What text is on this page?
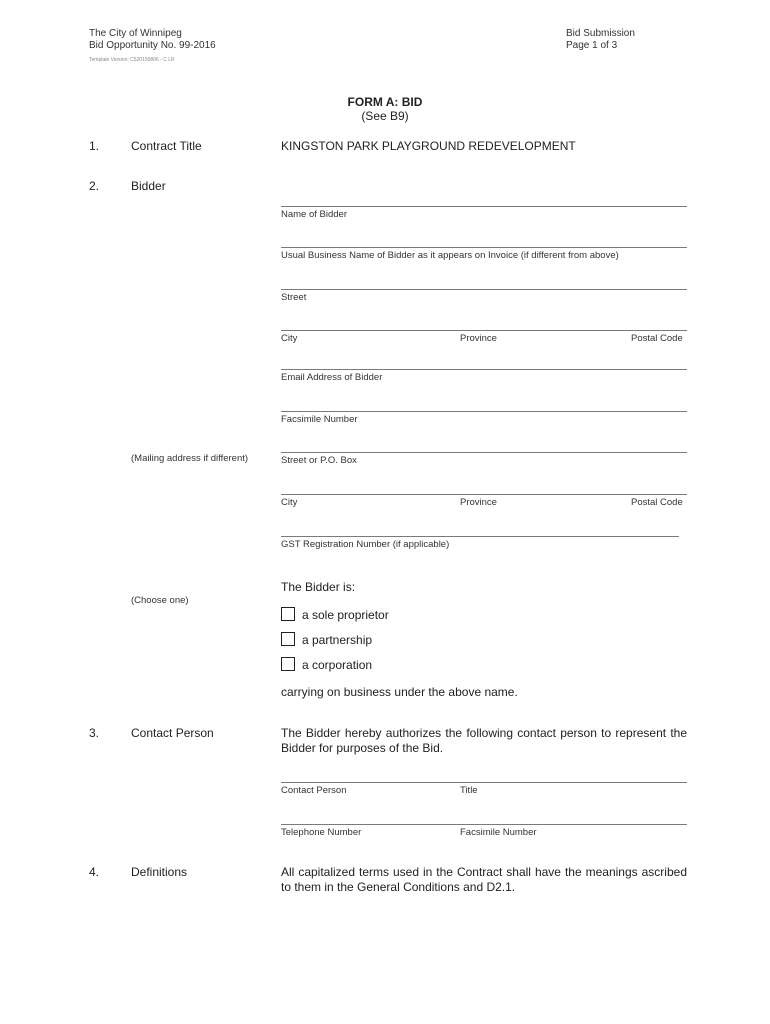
The City of Winnipeg
Bid Opportunity No. 99-2016
Template Version: C520150806 - C LR
Bid Submission
Page 1 of 3
FORM A: BID
(See B9)
1.	Contract Title	KINGSTON PARK PLAYGROUND REDEVELOPMENT
2.	Bidder
Name of Bidder
Usual Business Name of Bidder as it appears on Invoice (if different from above)
Street
City	Province	Postal Code
Email Address of Bidder
Facsimile Number
(Mailing address if different)	Street or P.O. Box
City	Province	Postal Code
GST Registration Number (if applicable)
The Bidder is:
(Choose one)
a sole proprietor
a partnership
a corporation
carrying on business under the above name.
3.	Contact Person	The Bidder hereby authorizes the following contact person to represent the Bidder for purposes of the Bid.
Contact Person	Title
Telephone Number	Facsimile Number
4.	Definitions	All capitalized terms used in the Contract shall have the meanings ascribed to them in the General Conditions and D2.1.
